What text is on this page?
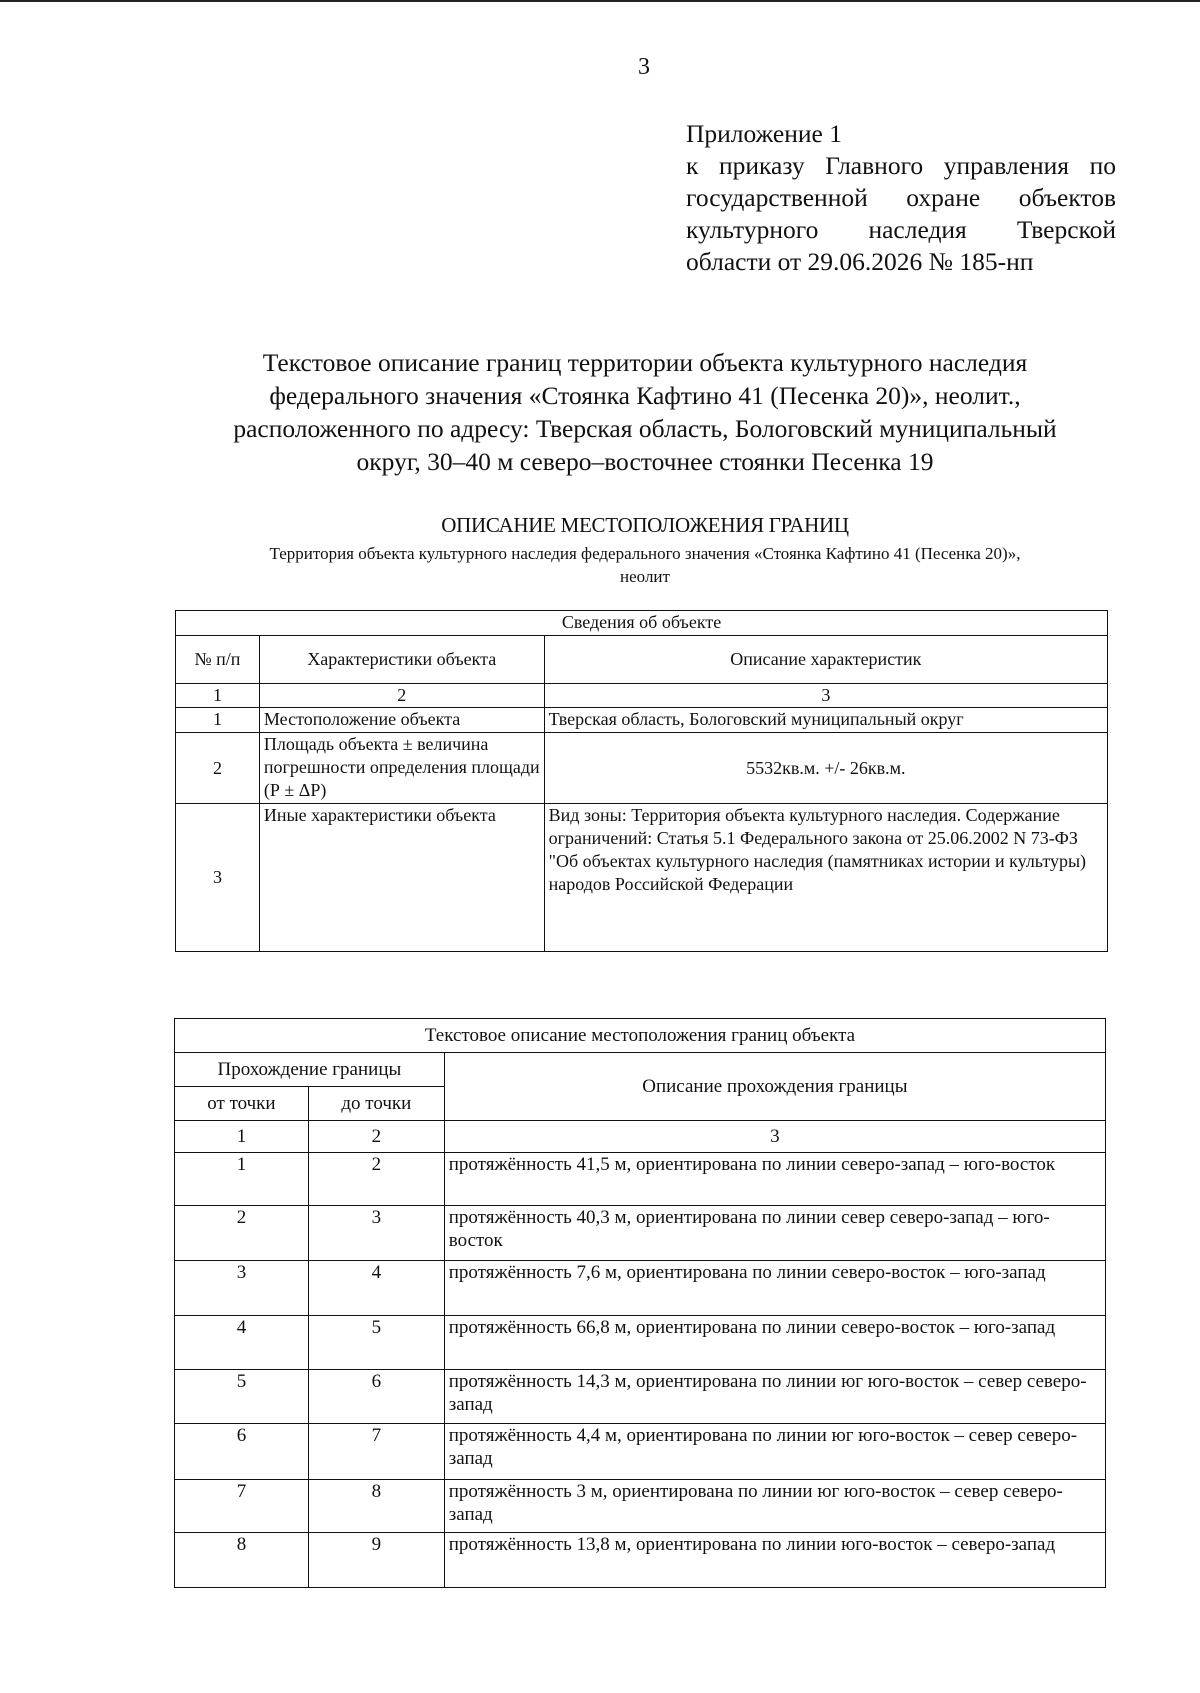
3
Приложение 1
к приказу Главного управления по
государственной охране объектов
культурного наследия Тверской
области от 29.06.2026 № 185-нп
Текстовое описание границ территории объекта культурного наследия
федерального значения «Стоянка Кафтино 41 (Песенка 20)», неолит.,
расположенного по адресу: Тверская область, Бологовский муниципальный
округ, 30–40 м северо–восточнее стоянки Песенка 19
ОПИСАНИЕ МЕСТОПОЛОЖЕНИЯ ГРАНИЦ
Территория объекта культурного наследия федерального значения «Стоянка Кафтино 41 (Песенка 20)»,
неолит
Сведения об объекте		
№ п/п	Характеристики объекта	Описание характеристик
1	2	3
1	Местоположение объекта	Тверская область, Бологовский муниципальный округ
2	Площадь объекта ± величина погрешности определения площади (Р ± ΔР)	5532кв.м. +/- 26кв.м.
3	Иные характеристики объекта	Вид зоны: Территория объекта культурного наследия. Содержание ограничений: Статья 5.1 Федерального закона от 25.06.2002 N 73-ФЗ "Об объектах культурного наследия (памятниках истории и культуры) народов Российской Федерации
Текстовое описание местоположения границ объекта		
Прохождение границы		Описание прохождения границы
от точки	до точки	
1	2	3
1	2	протяжённость 41,5 м, ориентирована по линии северо-запад – юго-восток
2	3	протяжённость 40,3 м, ориентирована по линии север северо-запад – юго-восток
3	4	протяжённость 7,6 м, ориентирована по линии северо-восток – юго-запад
4	5	протяжённость 66,8 м, ориентирована по линии северо-восток – юго-запад
5	6	протяжённость 14,3 м, ориентирована по линии юг юго-восток – север северо-запад
6	7	протяжённость 4,4 м, ориентирована по линии юг юго-восток – север северо-запад
7	8	протяжённость 3 м, ориентирована по линии юг юго-восток – север северо-запад
8	9	протяжённость 13,8 м, ориентирована по линии юго-восток – северо-запад
